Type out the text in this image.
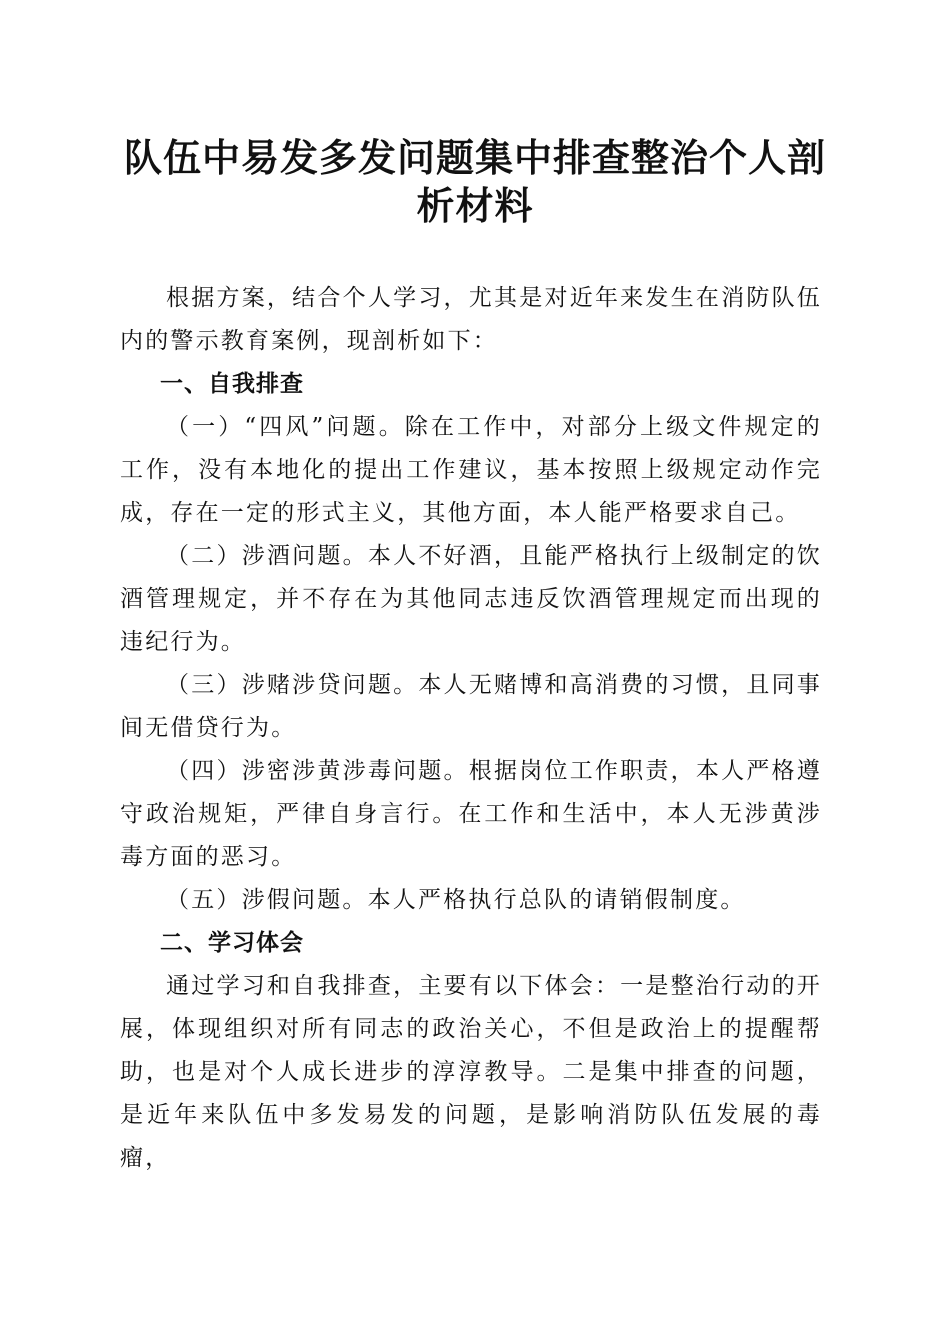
队伍中易发多发问题集中排查整治个人剖析材料

根据方案，结合个人学习，尤其是对近年来发生在消防队伍内的警示教育案例，现剖析如下：

一、自我排查

（一）“四风”问题。除在工作中，对部分上级文件规定的工作，没有本地化的提出工作建议，基本按照上级规定动作完成，存在一定的形式主义，其他方面，本人能严格要求自己。

（二）涉酒问题。本人不好酒，且能严格执行上级制定的饮酒管理规定，并不存在为其他同志违反饮酒管理规定而出现的违纪行为。

（三）涉赌涉贷问题。本人无赌博和高消费的习惯，且同事间无借贷行为。

（四）涉密涉黄涉毒问题。根据岗位工作职责，本人严格遵守政治规矩，严律自身言行。在工作和生活中，本人无涉黄涉毒方面的恶习。

（五）涉假问题。本人严格执行总队的请销假制度。

二、学习体会

通过学习和自我排查，主要有以下体会：一是整治行动的开展，体现组织对所有同志的政治关心，不但是政治上的提醒帮助，也是对个人成长进步的淳淳教导。二是集中排查的问题，是近年来队伍中多发易发的问题，是影响消防队伍发展的毒瘤，
